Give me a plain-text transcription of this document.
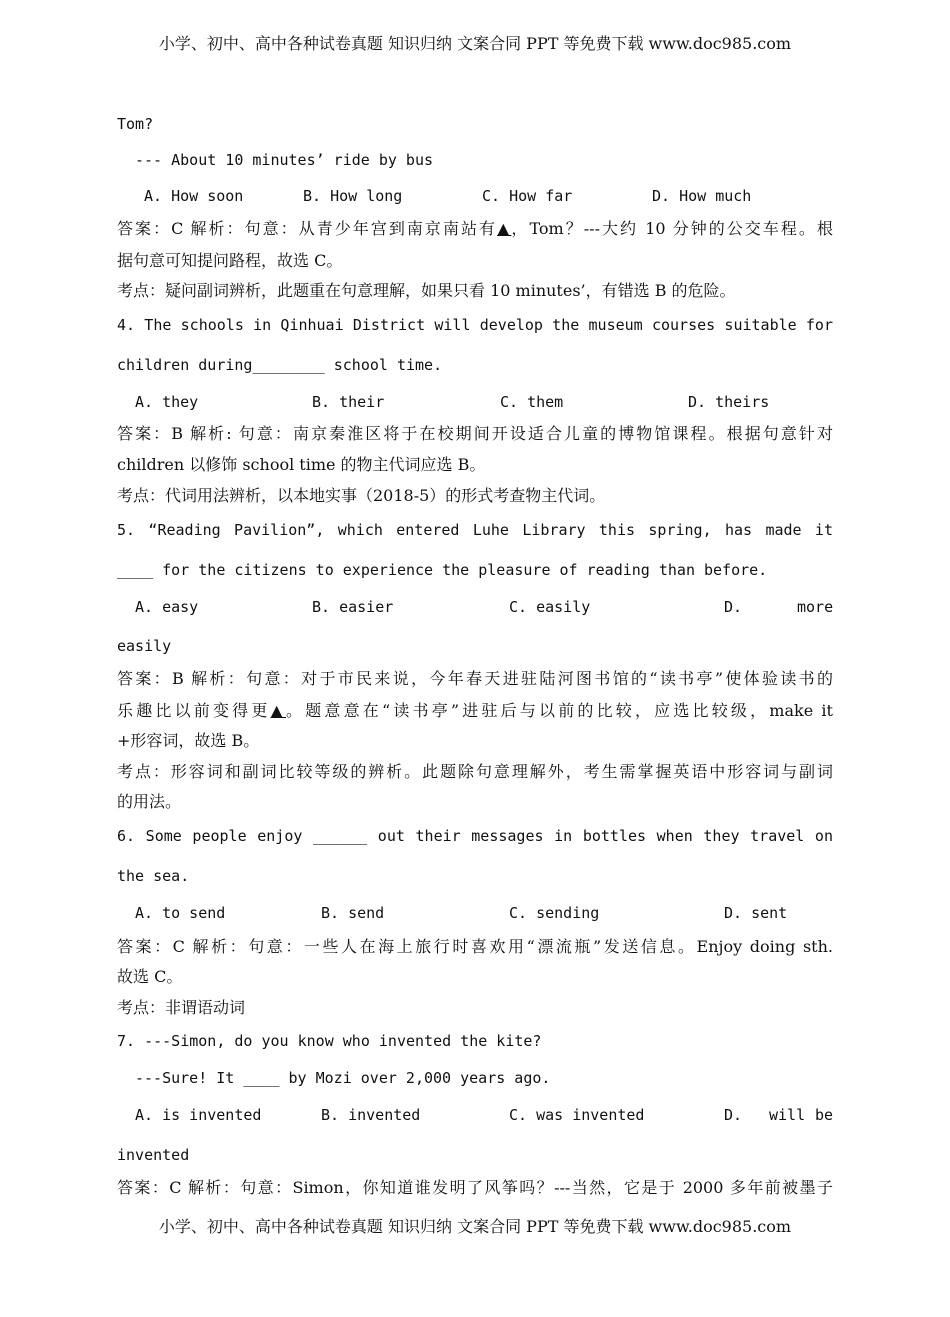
小学、初中、高中各种试卷真题 知识归纳 文案合同 PPT 等免费下载 www.doc985.com
Tom?
--- About 10 minutes’ ride by bus

A. How soon

	B. How long

	C. How far

	D. How much

答案：C 解析：句意：从青少年宫到南京南站有▲，Tom？---大约 10 分钟的公交车程。根
据句意可知提问路程，故选 C。
考点：疑问副词辨析，此题重在句意理解，如果只看 10 minutes’，有错选 B 的危险。
4. The schools in Qinhuai District will develop the museum courses suitable for
children during________ school time.

A. they

	B. their

	C. them

	D. theirs

答案：B 解析: 句意：南京秦淮区将于在校期间开设适合儿童的博物馆课程。根据句意针对
children 以修饰 school time 的物主代词应选 B。
考点：代词用法辨析，以本地实事（2018-5）的形式考查物主代词。
5. “Reading Pavilion”, which entered Luhe Library this spring, has made it
____ for the citizens to experience the pleasure of reading than before.

A. easy

	B. easier

	C. easily

	D.

	more

easily
答案：B 解析：句意：对于市民来说，今年春天进驻陆河图书馆的“读书亭”使体验读书的
乐趣比以前变得更▲。题意意在“读书亭”进驻后与以前的比较，应选比较级，make it
+形容词，故选 B。
考点：形容词和副词比较等级的辨析。此题除句意理解外，考生需掌握英语中形容词与副词
的用法。
6. Some people enjoy ______ out their messages in bottles when they travel on
the sea.

A. to send

	B. send

	C. sending

	D. sent

答案：C 解析：句意：一些人在海上旅行时喜欢用“漂流瓶”发送信息。Enjoy doing sth.
故选 C。
考点：非谓语动词
7. ---Simon, do you know who invented the kite?
---Sure! It ____ by Mozi over 2,000 years ago.

A. is invented

	B. invented

	C. was invented

	D.

will

be

invented
答案：C 解析：句意：Simon，你知道谁发明了风筝吗？---当然，它是于 2000 多年前被墨子
小学、初中、高中各种试卷真题 知识归纳 文案合同 PPT 等免费下载 www.doc985.com
